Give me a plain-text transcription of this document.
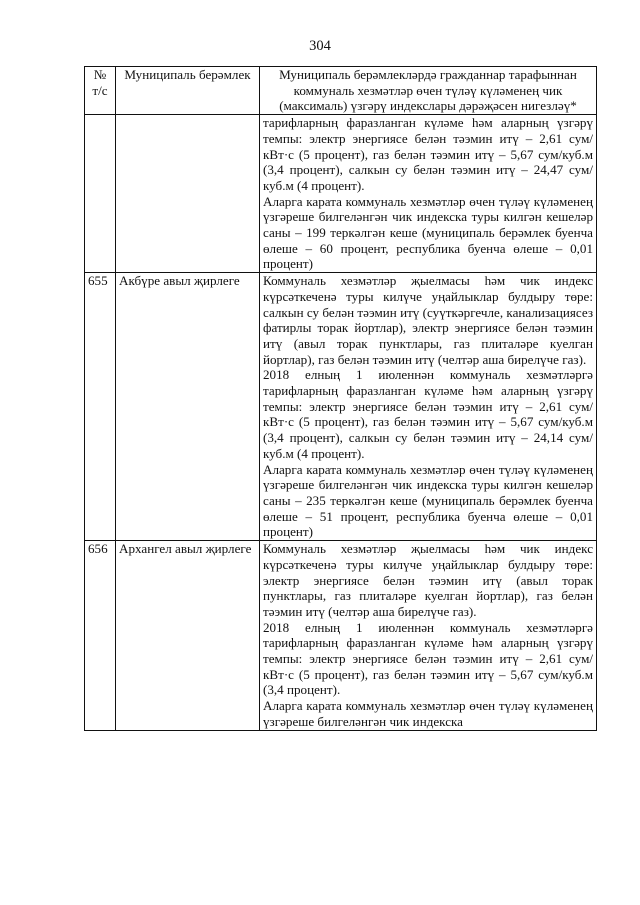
304
№ т/с	Муниципаль берәмлек	Муниципаль берәмлекләрдә гражданнар тарафыннан коммуналь хезмәтләр өчен түләү күләменең чик (максималь) үзгәрү индекслары дәрәҗәсен нигезләү*

		тарифларның фаразланган күләме һәм аларның үзгәрү темпы: электр энергиясе белән тәэмин итү – 2,61 сум/кВт·с (5 процент), газ белән тәэмин итү – 5,67 сум/куб.м (3,4 процент), салкын су белән тәэмин итү – 24,47 сум/куб.м (4 процент).

Аларга карата коммуналь хезмәтләр өчен түләү күләменең үзгәреше билгеләнгән чик индекска туры килгән кешеләр саны – 199 теркәлгән кеше (муниципаль берәмлек буенча өлеше – 60 процент, республика буенча өлеше – 0,01 процент)

655	Акбүре авыл җирлеге	Коммуналь хезмәтләр җыелмасы һәм чик индекс күрсәткеченә туры килүче уңайлыклар булдыру төре: салкын су белән тәэмин итү (суүткәргечле, канализациясез фатирлы торак йортлар), электр энергиясе белән тәэмин итү (авыл торак пунктлары, газ плиталәре куелган йортлар), газ белән тәэмин итү (челтәр аша бирелүче газ).

2018 елның 1 июленнән коммуналь хезмәтләргә тарифларның фаразланган күләме һәм аларның үзгәрү темпы: электр энергиясе белән тәэмин итү – 2,61 сум/кВт·с (5 процент), газ белән тәэмин итү – 5,67 сум/куб.м (3,4 процент), салкын су белән тәэмин итү – 24,14 сум/куб.м (4 процент).

Аларга карата коммуналь хезмәтләр өчен түләү күләменең үзгәреше билгеләнгән чик индекска туры килгән кешеләр саны – 235 теркәлгән кеше (муниципаль берәмлек буенча өлеше – 51 процент, республика буенча өлеше – 0,01 процент)

656	Архангел авыл җирлеге	Коммуналь хезмәтләр җыелмасы һәм чик индекс күрсәткеченә туры килүче уңайлыклар булдыру төре: электр энергиясе белән тәэмин итү (авыл торак пунктлары, газ плиталәре куелган йортлар), газ белән тәэмин итү (челтәр аша бирелүче газ).

2018 елның 1 июленнән коммуналь хезмәтләргә тарифларның фаразланган күләме һәм аларның үзгәрү темпы: электр энергиясе белән тәэмин итү – 2,61 сум/кВт·с (5 процент), газ белән тәэмин итү – 5,67 сум/куб.м (3,4 процент).

Аларга карата коммуналь хезмәтләр өчен түләү күләменең үзгәреше билгеләнгән чик индекска
